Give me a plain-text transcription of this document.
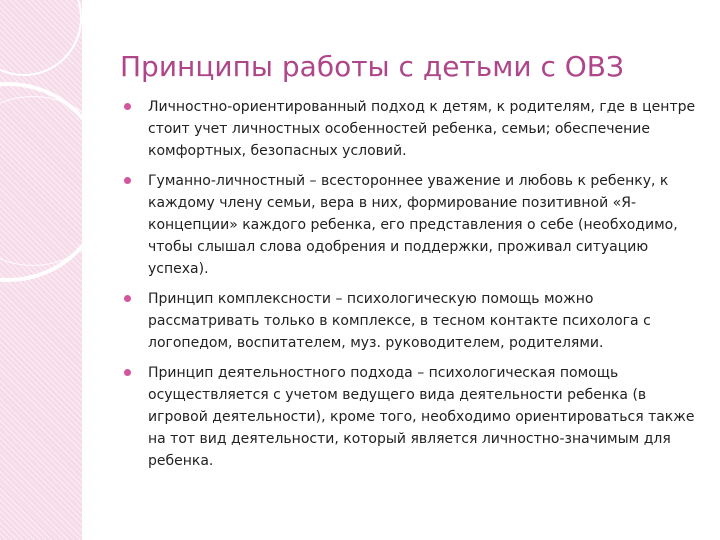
Принципы работы с детьми с ОВЗ
Личностно-ориентированный подход к детям, к родителям, где в центре стоит учет личностных особенностей ребенка, семьи; обеспечение комфортных, безопасных условий.
Гуманно-личностный – всестороннее уважение и любовь к ребенку, к каждому члену семьи, вера в них, формирование позитивной «Я-концепции» каждого ребенка, его представления о себе (необходимо, чтобы слышал слова одобрения и поддержки, проживал ситуацию успеха).
Принцип комплексности – психологическую помощь можно рассматривать только в комплексе, в тесном контакте психолога с логопедом, воспитателем, муз. руководителем, родителями.
Принцип деятельностного подхода – психологическая помощь осуществляется с учетом ведущего вида деятельности ребенка (в игровой деятельности), кроме того, необходимо ориентироваться также на тот вид деятельности, который является личностно-значимым для ребенка.
